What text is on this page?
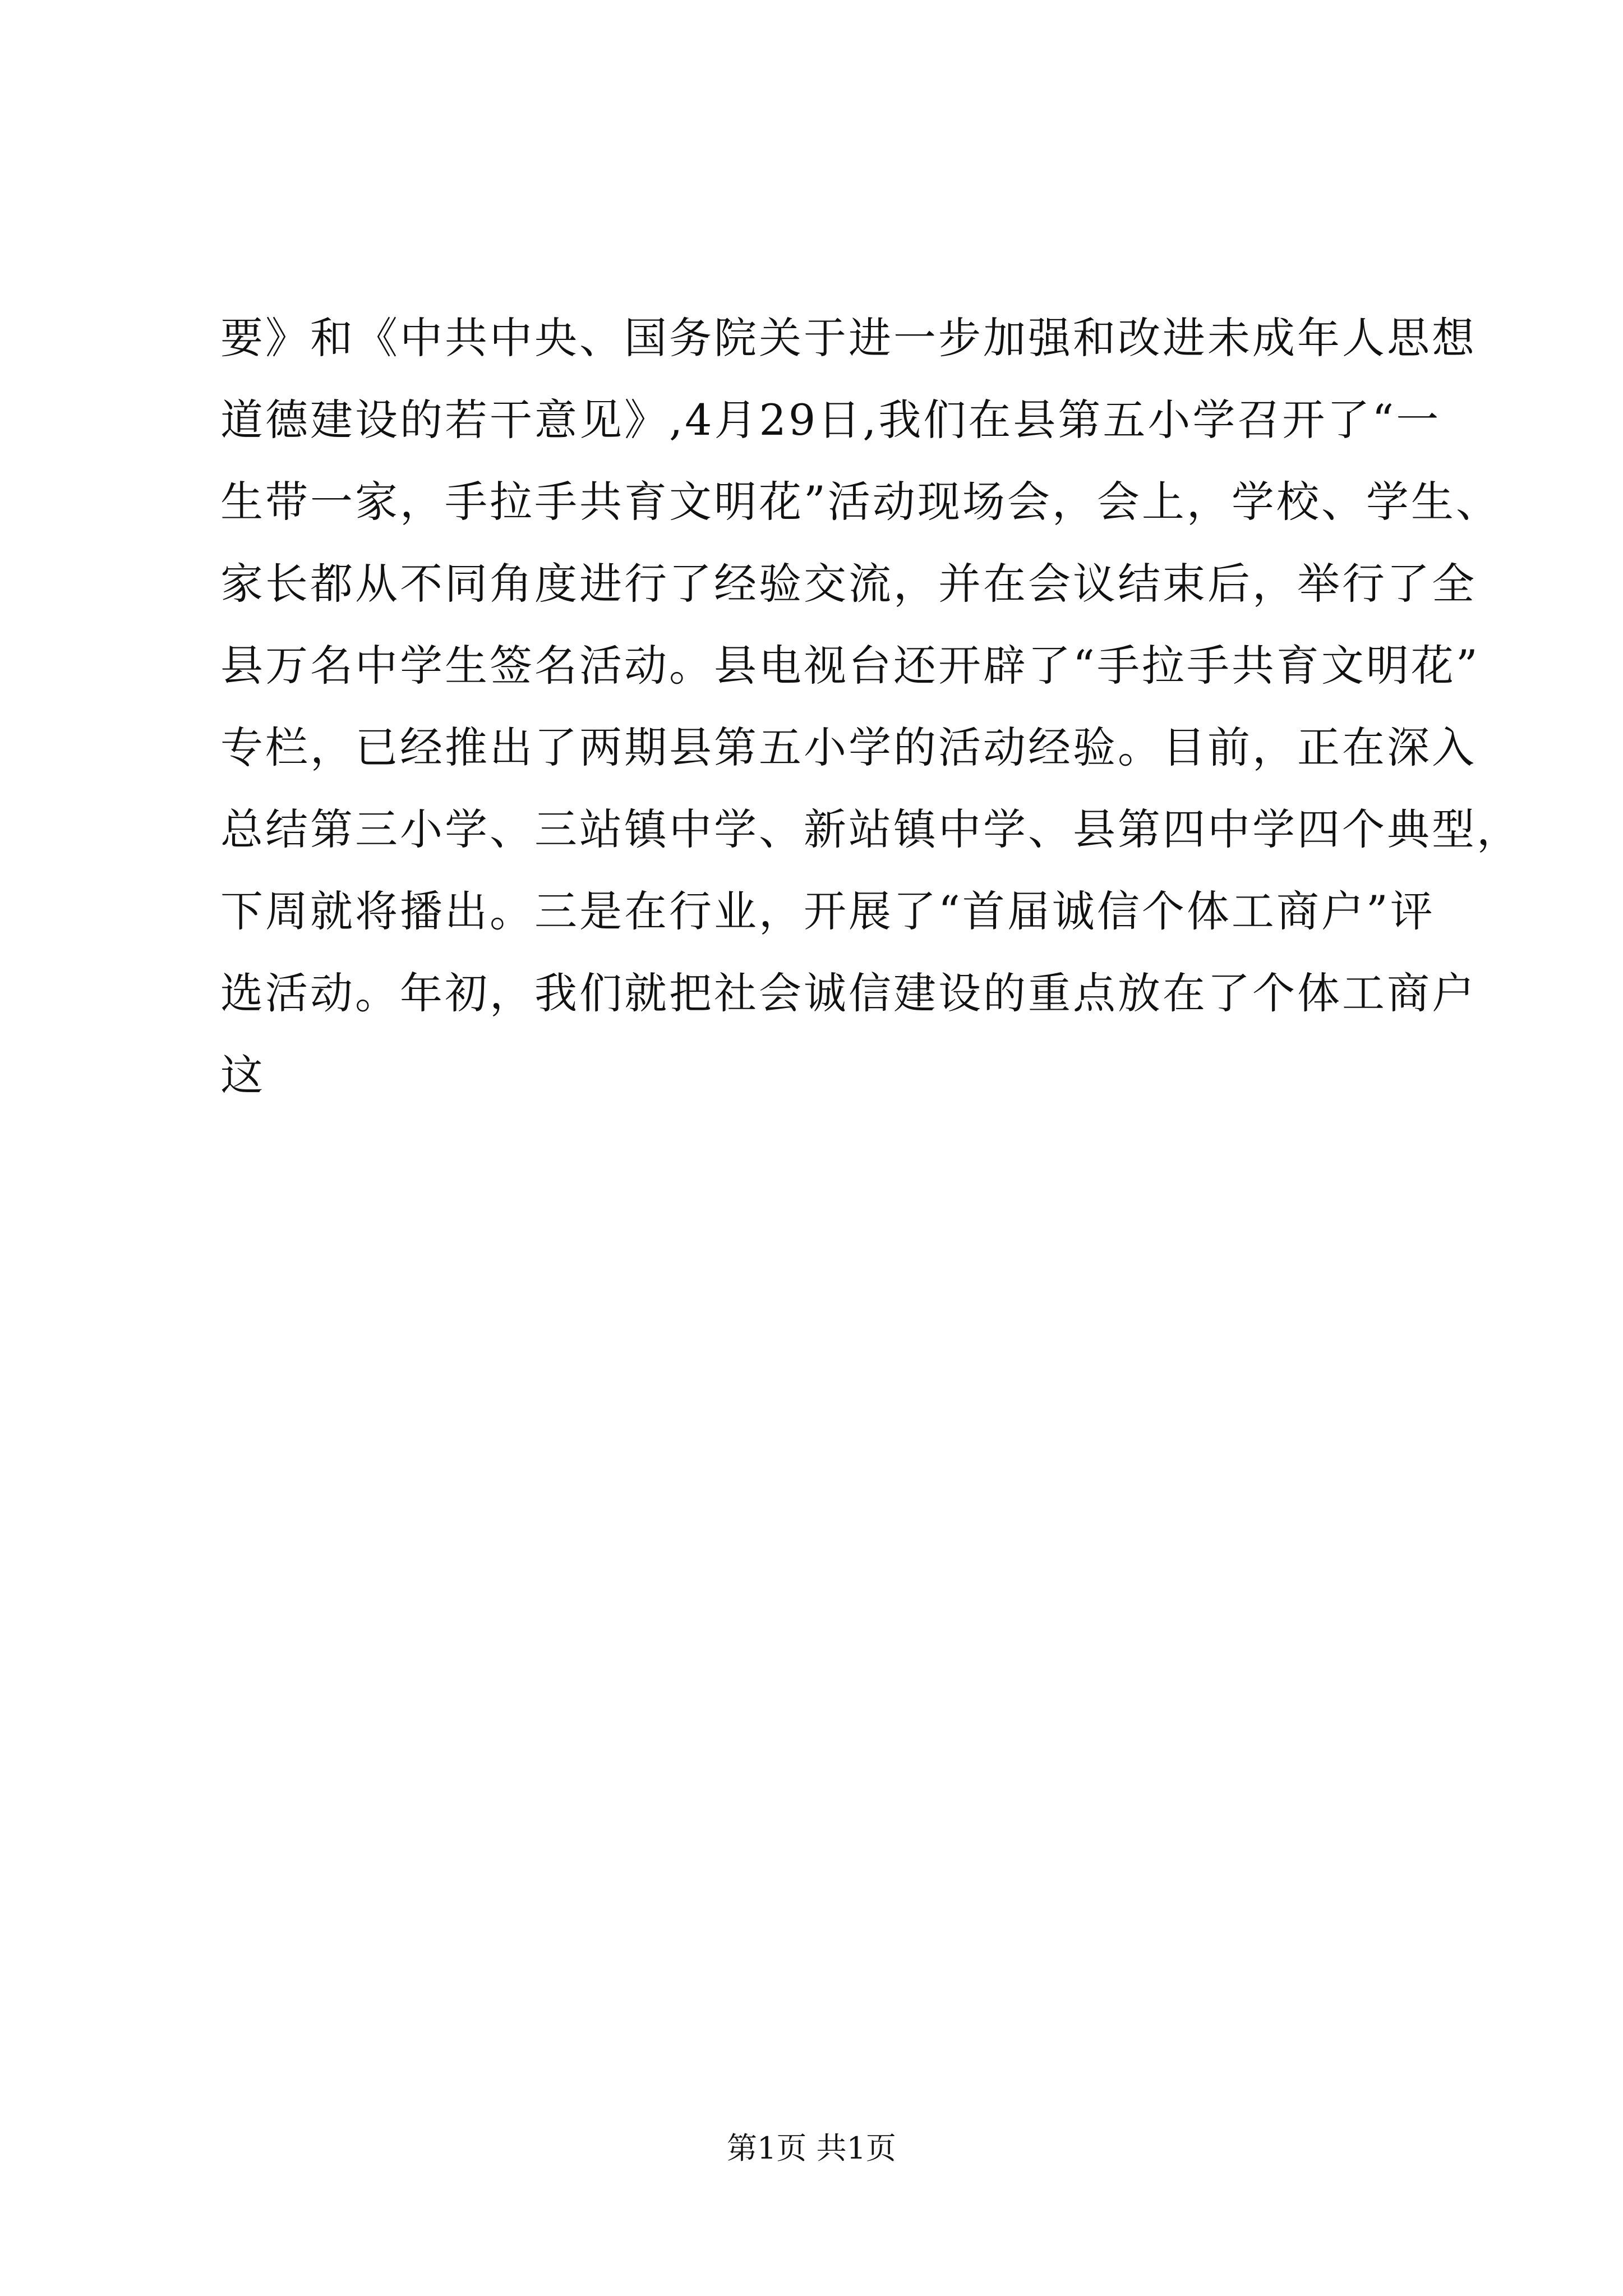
要》和《中共中央、国务院关于进一步加强和改进未成年人思想
道德建设的若干意见》,4月29日,我们在县第五小学召开了“一
生带一家，手拉手共育文明花”活动现场会，会上，学校、学生、
家长都从不同角度进行了经验交流，并在会议结束后，举行了全
县万名中学生签名活动。县电视台还开辟了“手拉手共育文明花”
专栏，已经推出了两期县第五小学的活动经验。目前，正在深入
总结第三小学、三站镇中学、新站镇中学、县第四中学四个典型，
下周就将播出。三是在行业，开展了“首届诚信个体工商户”评
选活动。年初，我们就把社会诚信建设的重点放在了个体工商户
这
第1页 共1页
